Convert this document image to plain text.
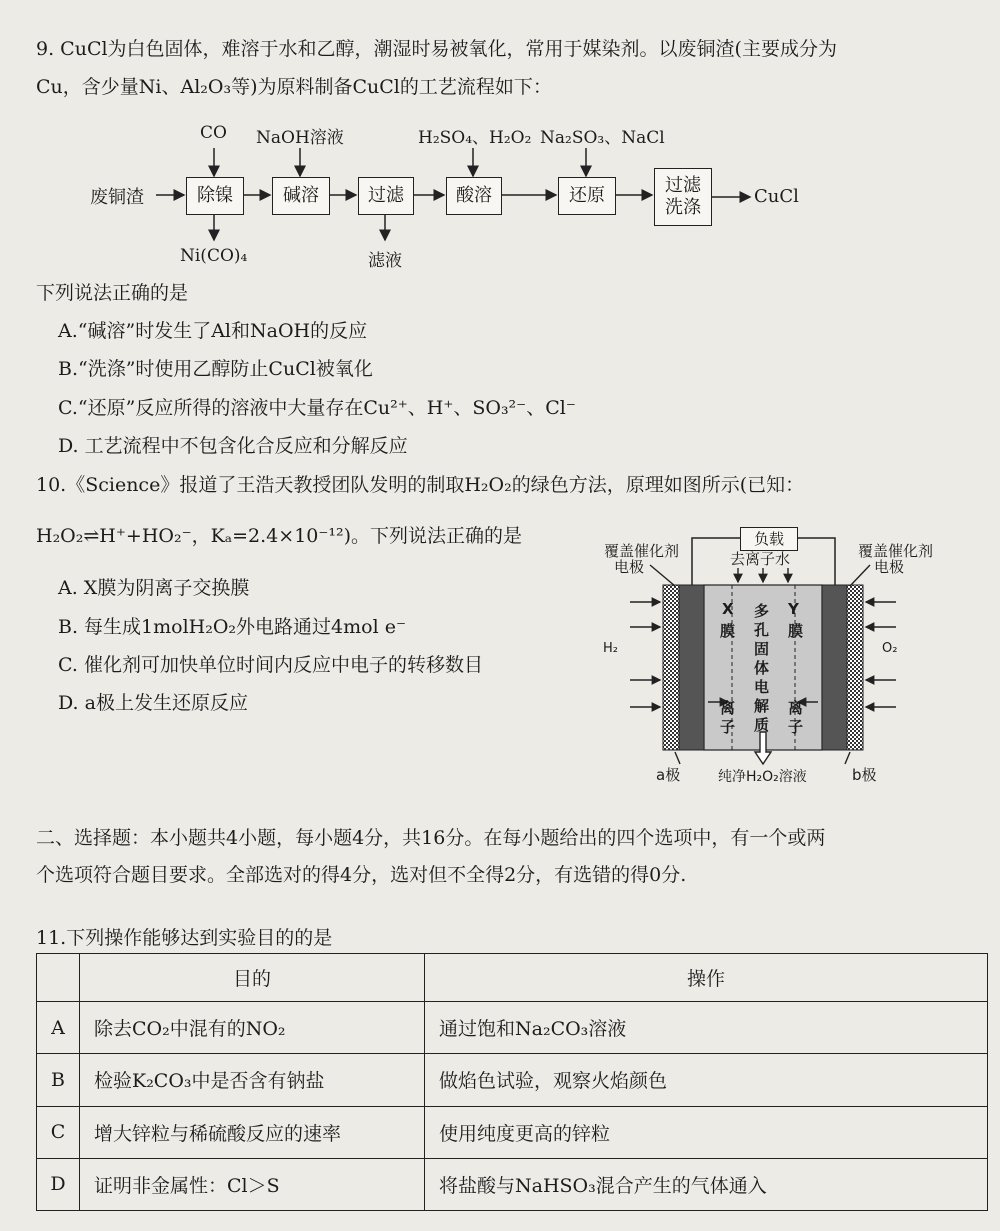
9. CuCl为白色固体，难溶于水和乙醇，潮湿时易被氧化，常用于媒染剂。以废铜渣(主要成分为
Cu，含少量Ni、Al₂O₃等)为原料制备CuCl的工艺流程如下：
废铜渣	除镍	碱溶	过滤	酸溶	还原	过滤
洗涤
CuCl
CO NaOH溶液	H₂SO₄、H₂O₂ Na₂SO₃、NaCl
Ni(CO)₄	滤液
下列说法正确的是
A.“碱溶”时发生了Al和NaOH的反应
B.“洗涤”时使用乙醇防止CuCl被氧化
C.“还原”反应所得的溶液中大量存在Cu²⁺、H⁺、SO₃²⁻、Cl⁻
D. 工艺流程中不包含化合反应和分解反应
10.《Science》报道了王浩天教授团队发明的制取H₂O₂的绿色方法，原理如图所示(已知：
H₂O₂⇌H⁺+HO₂⁻，Kₐ=2.4×10⁻¹²)。下列说法正确的是
A. X膜为阴离子交换膜
B. 每生成1molH₂O₂外电路通过4mol e⁻
C. 催化剂可加快单位时间内反应中电子的转移数目
D. a极上发生还原反应
负载
去离子水
覆盖催化剂
电极
覆盖催化剂
电极
H₂	O₂
X
膜
Y
膜
多
孔
固
体
电
解
质
离
子
离
子
a极	b极
纯净H₂O₂溶液
二、选择题：本小题共4小题，每小题4分，共16分。在每小题给出的四个选项中，有一个或两
个选项符合题目要求。全部选对的得4分，选对但不全得2分，有选错的得0分.
11.下列操作能够达到实验目的的是
	目的	操作
A	除去CO₂中混有的NO₂	通过饱和Na₂CO₃溶液
B	检验K₂CO₃中是否含有钠盐	做焰色试验，观察火焰颜色
C	增大锌粒与稀硫酸反应的速率	使用纯度更高的锌粒
D	证明非金属性：Cl＞S	将盐酸与NaHSO₃混合产生的气体通入
